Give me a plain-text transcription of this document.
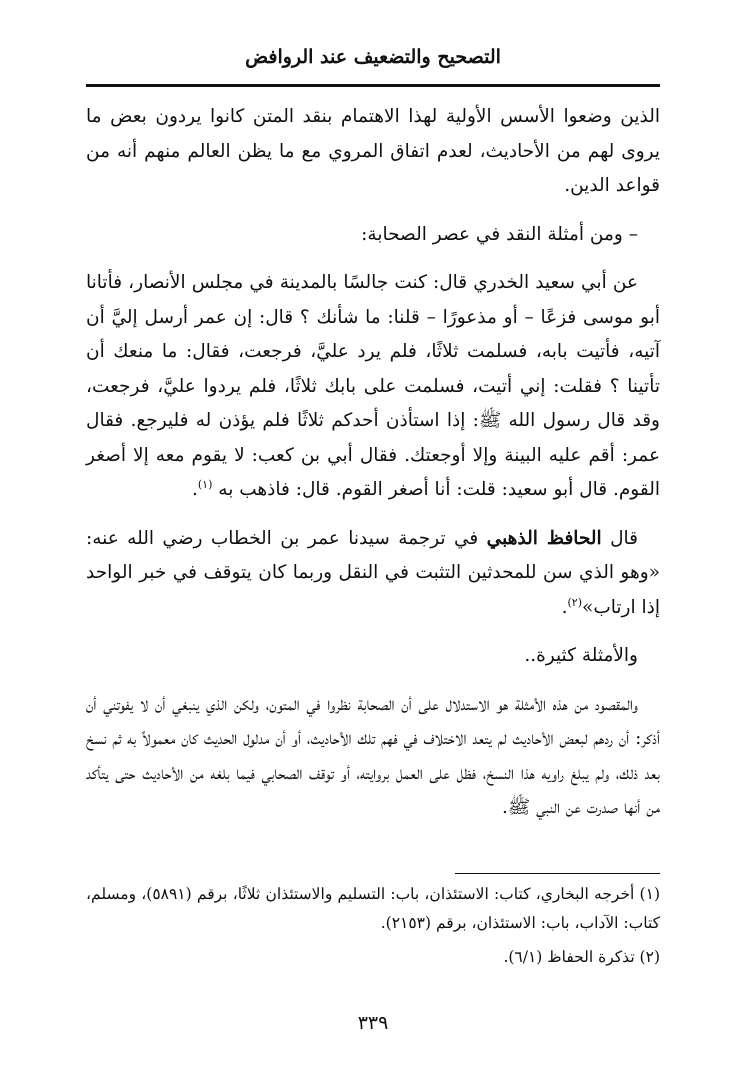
التصحيح والتضعيف عند الروافض

الذين وضعوا الأسس الأولية لهذا الاهتمام بنقد المتن كانوا يردون بعض ما يروى لهم من الأحاديث، لعدم اتفاق المروي مع ما يظن العالم منهم أنه من قواعد الدين.

– ومن أمثلة النقد في عصر الصحابة:

عن أبي سعيد الخدري قال: كنت جالسًا بالمدينة في مجلس الأنصار، فأتانا أبو موسى فزعًا – أو مذعورًا – قلنا: ما شأنك ؟ قال: إن عمر أرسل إليَّ أن آتيه، فأتيت بابه، فسلمت ثلاثًا، فلم يرد عليَّ، فرجعت، فقال: ما منعك أن تأتينا ؟ فقلت: إني أتيت، فسلمت على بابك ثلاثًا، فلم يردوا عليَّ، فرجعت، وقد قال رسول الله ﷺ: إذا استأذن أحدكم ثلاثًا فلم يؤذن له فليرجع. فقال عمر: أقم عليه البينة وإلا أوجعتك. فقال أبي بن كعب: لا يقوم معه إلا أصغر القوم. قال أبو سعيد: قلت: أنا أصغر القوم. قال: فاذهب به $^{(١)}$.

قال الحافظ الذهبي في ترجمة سيدنا عمر بن الخطاب رضي الله عنه: «وهو الذي سن للمحدثين التثبت في النقل وربما كان يتوقف في خبر الواحد إذا ارتاب»$^{(٢)}$.

والأمثلة كثيرة..

والمقصود من هذه الأمثلة هو الاستدلال على أن الصحابة نظروا في المتون، ولكن الذي ينبغي أن لا يفوتني أن أذكر: أن ردهم لبعض الأحاديث لم يتعد الاختلاف في فهم تلك الأحاديث، أو أن مدلول الحديث كان معمولاً به ثم نسخ بعد ذلك، ولم يبلغ راويه هذا النسخ، فظل على العمل بروايته، أو توقف الصحابي فيما بلغه من الأحاديث حتى يتأكد من أنها صدرت عن النبي ﷺ.

(١) أخرجه البخاري، كتاب: الاستئذان، باب: التسليم والاستئذان ثلاثًا، برقم (٥٨٩١)، ومسلم، كتاب: الآداب، باب: الاستئذان، برقم (٢١٥٣).

(٢) تذكرة الحفاظ (٦/١).

٣٣٩
